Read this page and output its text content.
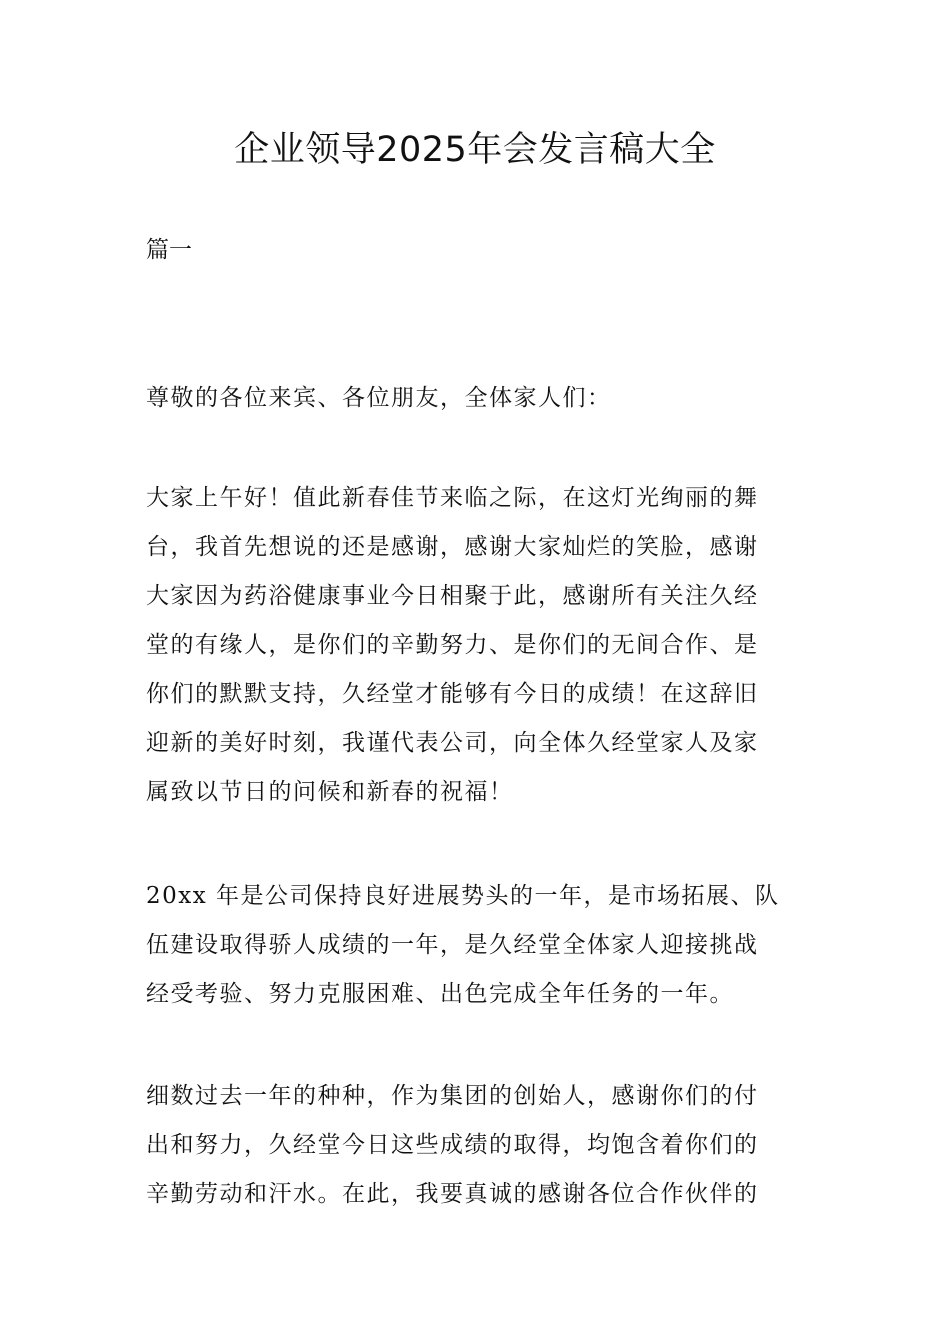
企业领导2025年会发言稿大全

篇一

尊敬的各位来宾、各位朋友，全体家人们：

大家上午好！值此新春佳节来临之际，在这灯光绚丽的舞
台，我首先想说的还是感谢，感谢大家灿烂的笑脸，感谢
大家因为药浴健康事业今日相聚于此，感谢所有关注久经
堂的有缘人，是你们的辛勤努力、是你们的无间合作、是
你们的默默支持，久经堂才能够有今日的成绩！在这辞旧
迎新的美好时刻，我谨代表公司，向全体久经堂家人及家
属致以节日的问候和新春的祝福！
20xx 年是公司保持良好进展势头的一年，是市场拓展、队
伍建设取得骄人成绩的一年，是久经堂全体家人迎接挑战
经受考验、努力克服困难、出色完成全年任务的一年。
细数过去一年的种种，作为集团的创始人，感谢你们的付
出和努力，久经堂今日这些成绩的取得，均饱含着你们的
辛勤劳动和汗水。在此，我要真诚的感谢各位合作伙伴的
